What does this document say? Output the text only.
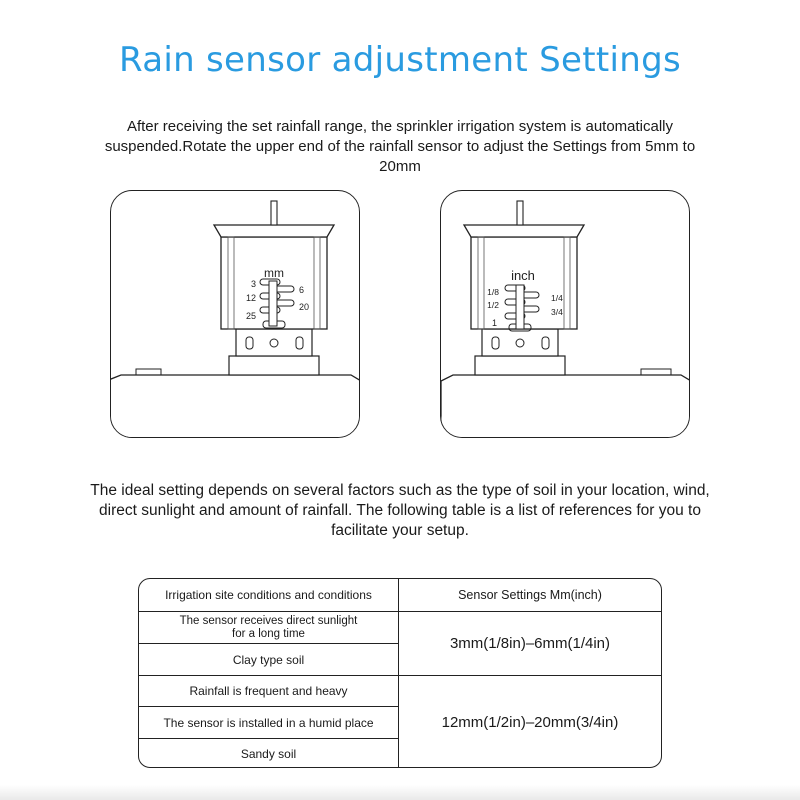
Rain sensor adjustment Settings
After receiving the set rainfall range, the sprinkler irrigation system is automatically
suspended.Rotate the upper end of the rainfall sensor to adjust the Settings from 5mm to
20mm
mm
3
12
25
6
20
inch
1/8
1/2
1
1/4
3/4
The ideal setting depends on several factors such as the type of soil in your location, wind,
direct sunlight and amount of rainfall. The following table is a list of references for you to
facilitate your setup.
Irrigation site conditions and conditions
The sensor receives direct sunlight
for a long time
Clay type soil
Rainfall is frequent and heavy
The sensor is installed in a humid place
Sandy soil
Sensor Settings Mm(inch)
3mm(1/8in)–6mm(1/4in)
12mm(1/2in)–20mm(3/4in)
